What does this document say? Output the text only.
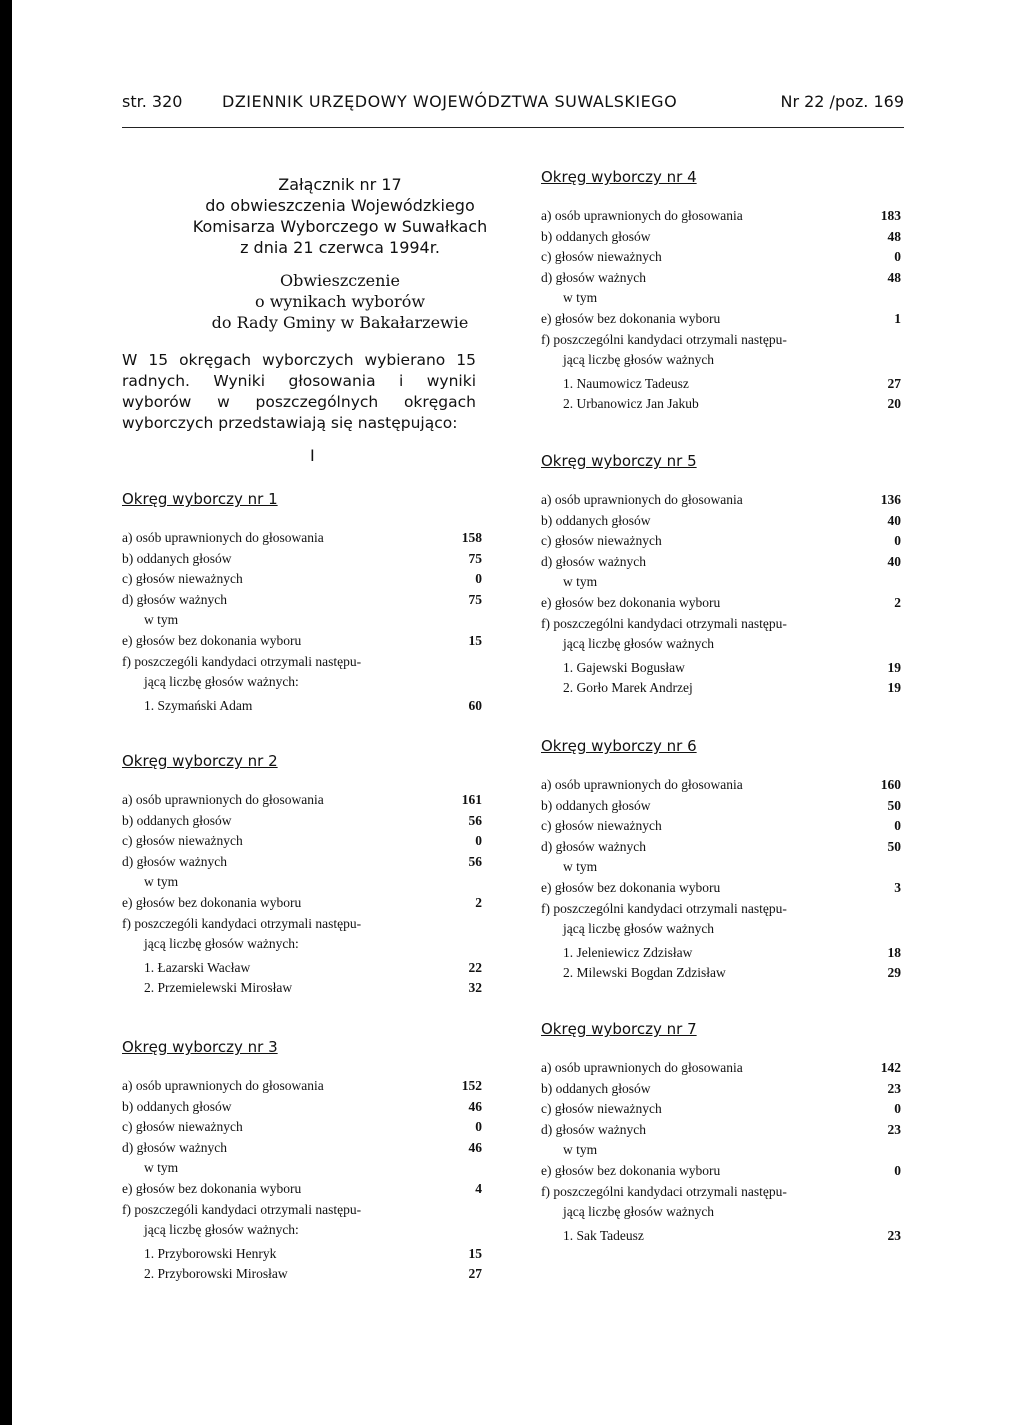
str. 320 DZIENNIK URZĘDOWY WOJEWÓDZTWA SUWALSKIEGO	Nr 22 /poz. 169
Załącznik nr 17
do obwieszczenia Wojewódzkiego
Komisarza Wyborczego w Suwałkach
z dnia 21 czerwca 1994r.
Obwieszczenie
o wynikach wyborów
do Rady Gminy w Bakałarzewie
W 15 okręgach wyborczych wybierano 15 radnych. Wyniki głosowania i wyniki wyborów w poszczególnych okręgach wyborczych przedstawiają się następująco:
I
Okręg wyborczy nr 1
a) osób uprawnionych do głosowania	158
b) oddanych głosów	75
c) głosów nieważnych	0
d) głosów ważnych	75
w tym
e) głosów bez dokonania wyboru	15
f) poszczególi kandydaci otrzymali następu-
jącą liczbę głosów ważnych:
1. Szymański Adam	60
Okręg wyborczy nr 2
a) osób uprawnionych do głosowania	161
b) oddanych głosów	56
c) głosów nieważnych	0
d) głosów ważnych	56
w tym
e) głosów bez dokonania wyboru	2
f) poszczególi kandydaci otrzymali następu-
jącą liczbę głosów ważnych:
1. Łazarski Wacław	22
2. Przemielewski Mirosław	32
Okręg wyborczy nr 3
a) osób uprawnionych do głosowania	152
b) oddanych głosów	46
c) głosów nieważnych	0
d) głosów ważnych	46
w tym
e) głosów bez dokonania wyboru	4
f) poszczególi kandydaci otrzymali następu-
jącą liczbę głosów ważnych:
1. Przyborowski Henryk	15
2. Przyborowski Mirosław	27
Okręg wyborczy nr 4
a) osób uprawnionych do głosowania	183
b) oddanych głosów	48
c) głosów nieważnych	0
d) głosów ważnych	48
w tym
e) głosów bez dokonania wyboru	1
f) poszczególni kandydaci otrzymali następu-
jącą liczbę głosów ważnych
1. Naumowicz Tadeusz	27
2. Urbanowicz Jan Jakub	20
Okręg wyborczy nr 5
a) osób uprawnionych do głosowania	136
b) oddanych głosów	40
c) głosów nieważnych	0
d) głosów ważnych	40
w tym
e) głosów bez dokonania wyboru	2
f) poszczególni kandydaci otrzymali następu-
jącą liczbę głosów ważnych
1. Gajewski Bogusław	19
2. Gorło Marek Andrzej	19
Okręg wyborczy nr 6
a) osób uprawnionych do głosowania	160
b) oddanych głosów	50
c) głosów nieważnych	0
d) głosów ważnych	50
w tym
e) głosów bez dokonania wyboru	3
f) poszczególni kandydaci otrzymali następu-
jącą liczbę głosów ważnych
1. Jeleniewicz Zdzisław	18
2. Milewski Bogdan Zdzisław	29
Okręg wyborczy nr 7
a) osób uprawnionych do głosowania	142
b) oddanych głosów	23
c) głosów nieważnych	0
d) głosów ważnych	23
w tym
e) głosów bez dokonania wyboru	0
f) poszczególni kandydaci otrzymali następu-
jącą liczbę głosów ważnych
1. Sak Tadeusz	23
